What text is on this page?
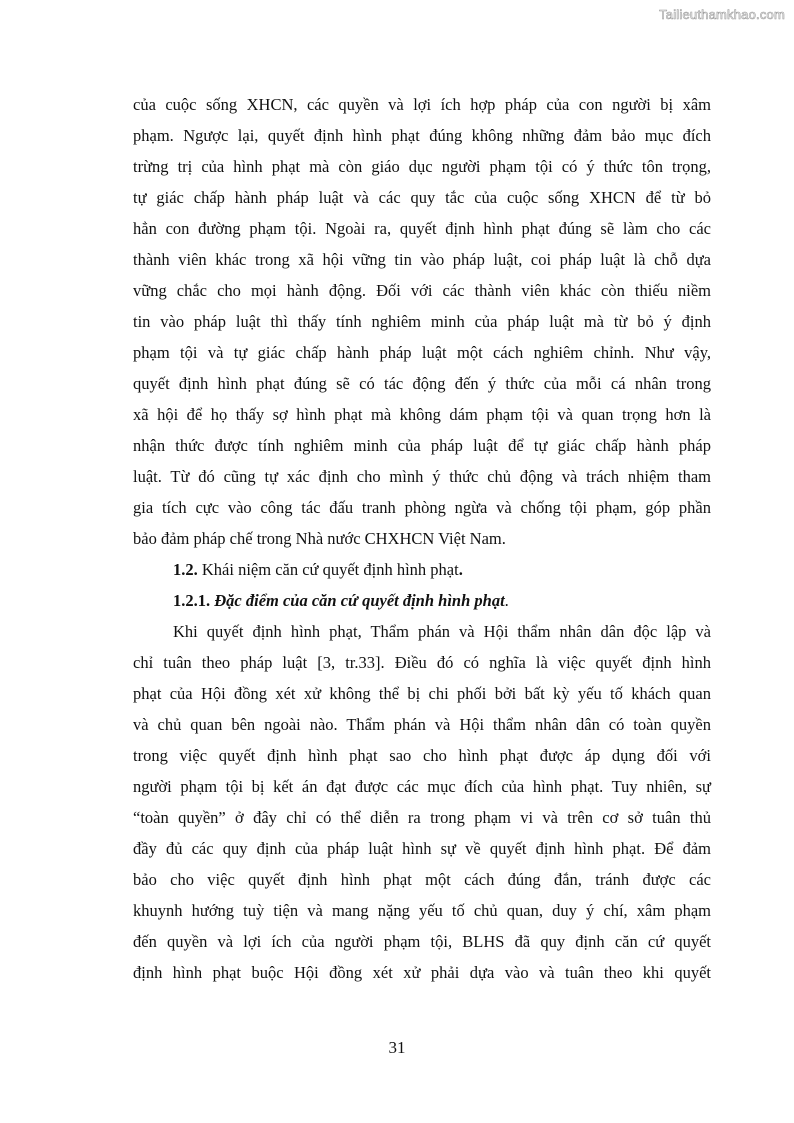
Tailieuthamkhao.com
của cuộc sống XHCN, các quyền và lợi ích hợp pháp của con người bị xâm
phạm. Ngược lại, quyết định hình phạt đúng không những đảm bảo mục đích
trừng trị của hình phạt mà còn giáo dục người phạm tội có ý thức tôn trọng,
tự giác chấp hành pháp luật và các quy tắc của cuộc sống XHCN để từ bỏ
hẳn con đường phạm tội. Ngoài ra, quyết định hình phạt đúng sẽ làm cho các
thành viên khác trong xã hội vững tin vào pháp luật, coi pháp luật là chỗ dựa
vững chắc cho mọi hành động. Đối với các thành viên khác còn thiếu niềm
tin vào pháp luật thì thấy tính nghiêm minh của pháp luật mà từ bỏ ý định
phạm tội và tự giác chấp hành pháp luật một cách nghiêm chỉnh. Như vậy,
quyết định hình phạt đúng sẽ có tác động đến ý thức của mỗi cá nhân trong
xã hội để họ thấy sợ hình phạt mà không dám phạm tội và quan trọng hơn là
nhận thức được tính nghiêm minh của pháp luật để tự giác chấp hành pháp
luật. Từ đó cũng tự xác định cho mình ý thức chủ động và trách nhiệm tham
gia tích cực vào công tác đấu tranh phòng ngừa và chống tội phạm, góp phần
bảo đảm pháp chế trong Nhà nước CHXHCN Việt Nam.
1.2. Khái niệm căn cứ quyết định hình phạt.
1.2.1. Đặc điểm của căn cứ quyết định hình phạt.
Khi quyết định hình phạt, Thẩm phán và Hội thẩm nhân dân độc lập và
chỉ tuân theo pháp luật [3, tr.33]. Điều đó có nghĩa là việc quyết định hình
phạt của Hội đồng xét xử không thể bị chi phối bởi bất kỳ yếu tố khách quan
và chủ quan bên ngoài nào. Thẩm phán và Hội thẩm nhân dân có toàn quyền
trong việc quyết định hình phạt sao cho hình phạt được áp dụng đối với
người phạm tội bị kết án đạt được các mục đích của hình phạt. Tuy nhiên, sự
“toàn quyền” ở đây chỉ có thể diễn ra trong phạm vi và trên cơ sở tuân thủ
đầy đủ các quy định của pháp luật hình sự về quyết định hình phạt. Để đảm
bảo cho việc quyết định hình phạt một cách đúng đắn, tránh được các
khuynh hướng tuỳ tiện và mang nặng yếu tố chủ quan, duy ý chí, xâm phạm
đến quyền và lợi ích của người phạm tội, BLHS đã quy định căn cứ quyết
định hình phạt buộc Hội đồng xét xử phải dựa vào và tuân theo khi quyết
31
